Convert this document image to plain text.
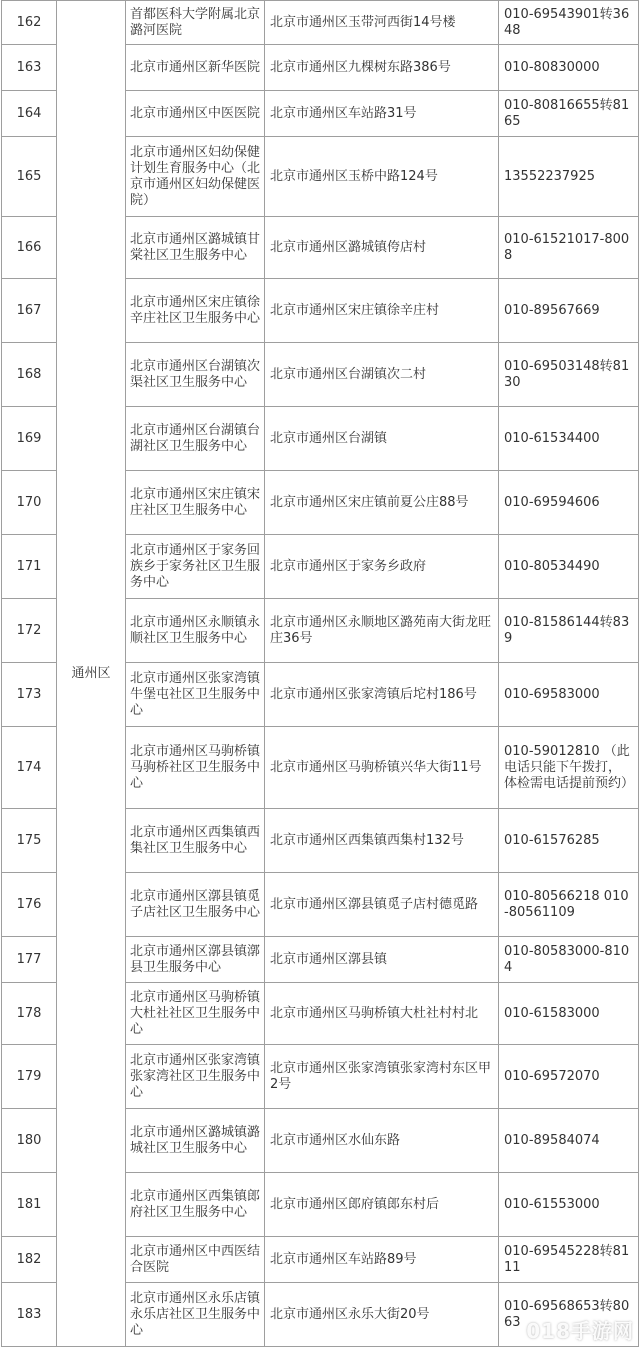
162	通州区	首都医科大学附属北京潞河医院	北京市通州区玉带河西街14号楼	010-69543901转3648
163		北京市通州区新华医院	北京市通州区九棵树东路386号	010-80830000
164		北京市通州区中医医院	北京市通州区车站路31号	010-80816655转8165
165		北京市通州区妇幼保健计划生育服务中心（北京市通州区妇幼保健医院）	北京市通州区玉桥中路124号	13552237925
166		北京市通州区潞城镇甘棠社区卫生服务中心	北京市通州区潞城镇侉店村	010-61521017-8008
167		北京市通州区宋庄镇徐辛庄社区卫生服务中心	北京市通州区宋庄镇徐辛庄村	010-89567669
168		北京市通州区台湖镇次渠社区卫生服务中心	北京市通州区台湖镇次二村	010-69503148转8130
169		北京市通州区台湖镇台湖社区卫生服务中心	北京市通州区台湖镇	010-61534400
170		北京市通州区宋庄镇宋庄社区卫生服务中心	北京市通州区宋庄镇前夏公庄88号	010-69594606
171		北京市通州区于家务回族乡于家务社区卫生服务中心	北京市通州区于家务乡政府	010-80534490
172		北京市通州区永顺镇永顺社区卫生服务中心	北京市通州区永顺地区潞苑南大街龙旺庄36号	010-81586144转839
173		北京市通州区张家湾镇牛堡屯社区卫生服务中心	北京市通州区张家湾镇后坨村186号	010-69583000
174		北京市通州区马驹桥镇马驹桥社区卫生服务中心	北京市通州区马驹桥镇兴华大街11号	010-59012810 （此电话只能下午拨打，体检需电话提前预约）
175		北京市通州区西集镇西集社区卫生服务中心	北京市通州区西集镇西集村132号	010-61576285
176		北京市通州区漷县镇觅子店社区卫生服务中心	北京市通州区漷县镇觅子店村德觅路	010-80566218 010-80561109
177		北京市通州区漷县镇漷县卫生服务中心	北京市通州区漷县镇	010-80583000-8104
178		北京市通州区马驹桥镇大杜社社区卫生服务中心	北京市通州区马驹桥镇大杜社村村北	010-61583000
179		北京市通州区张家湾镇张家湾社区卫生服务中心	北京市通州区张家湾镇张家湾村东区甲2号	010-69572070
180		北京市通州区潞城镇潞城社区卫生服务中心	北京市通州区水仙东路	010-89584074
181		北京市通州区西集镇郎府社区卫生服务中心	北京市通州区郎府镇郎东村后	010-61553000
182		北京市通州区中西医结合医院	北京市通州区车站路89号	010-69545228转8111
183		北京市通州区永乐店镇永乐店社区卫生服务中心	北京市通州区永乐大街20号	010-69568653转8063 018手游网
